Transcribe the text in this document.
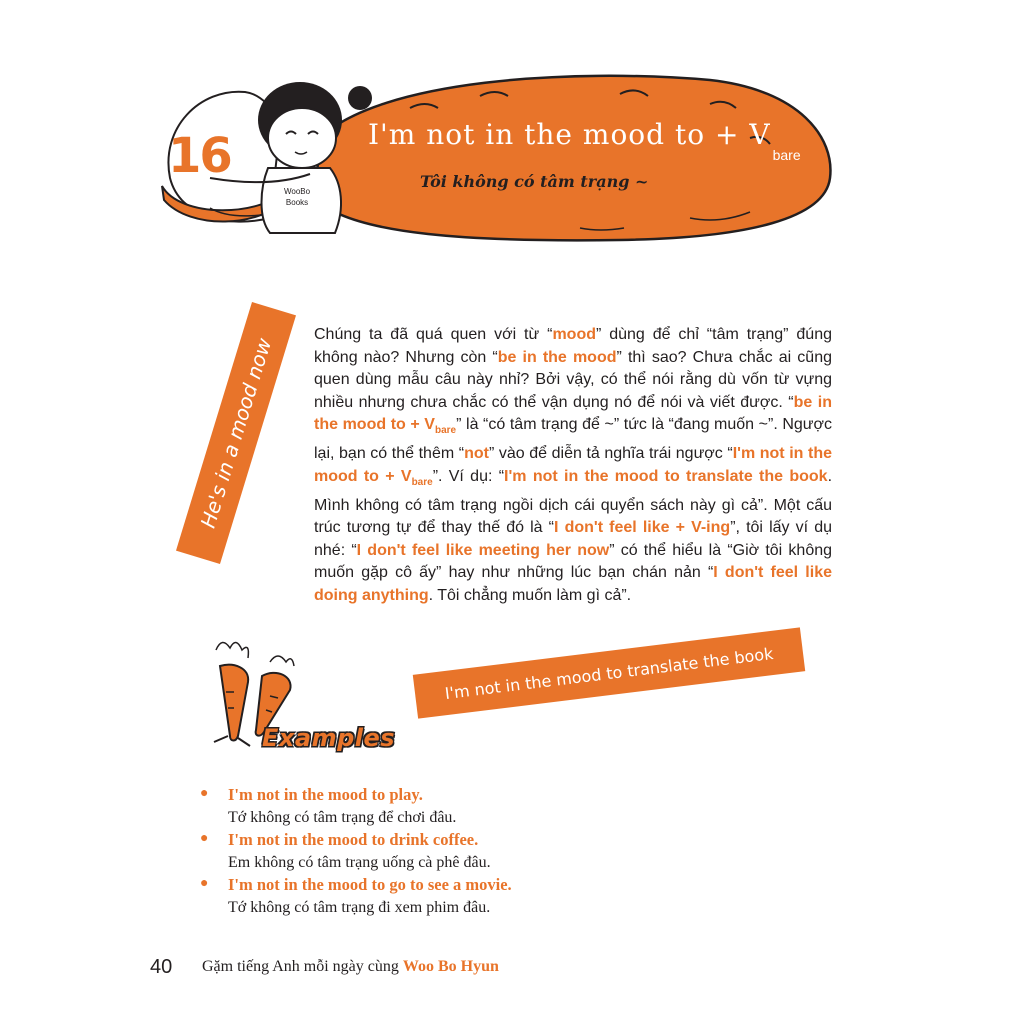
16	I'm not in the mood to + $V_{bare}$
Tôi không có tâm trạng ~
WooBo
Books
He's in a mood now
Chúng ta đã quá quen với từ “mood” dùng để chỉ “tâm trạng” đúng không nào? Nhưng còn “be in the mood” thì sao? Chưa chắc ai cũng quen dùng mẫu câu này nhỉ? Bởi vậy, có thể nói rằng dù vốn từ vựng nhiều nhưng chưa chắc có thể vận dụng nó để nói và viết được. “be in the mood to + $V_{bare}$” là “có tâm trạng để ~” tức là “đang muốn ~”. Ngược lại, bạn có thể thêm “not” vào để diễn tả nghĩa trái ngược “I'm not in the mood to + $V_{bare}$”. Ví dụ: “I'm not in the mood to translate the book. Mình không có tâm trạng ngồi dịch cái quyển sách này gì cả”. Một cấu trúc tương tự để thay thế đó là “I don't feel like + V-ing”, tôi lấy ví dụ nhé: “I don't feel like meeting her now” có thể hiểu là “Giờ tôi không muốn gặp cô ấy” hay như những lúc bạn chán nản “I don't feel like doing anything. Tôi chẳng muốn làm gì cả”.
I'm not in the mood to translate the book
Examples
● I'm not in the mood to play.
Tớ không có tâm trạng để chơi đâu.
● I'm not in the mood to drink coffee.
Em không có tâm trạng uống cà phê đâu.
● I'm not in the mood to go to see a movie.
Tớ không có tâm trạng đi xem phim đâu.
40 Gặm tiếng Anh mỗi ngày cùng Woo Bo Hyun
